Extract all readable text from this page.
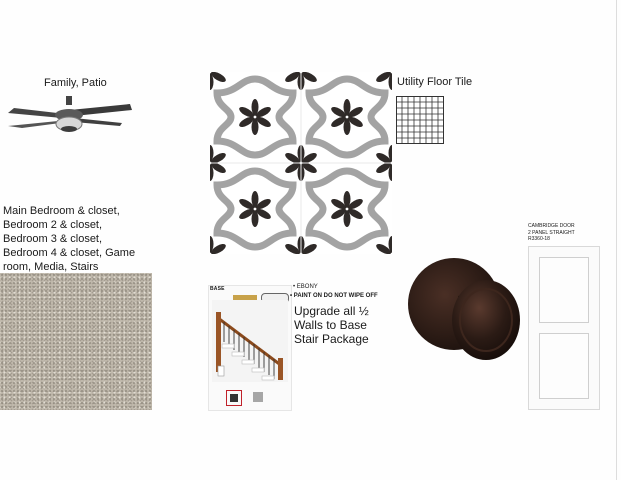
Family, Patio	Utility Floor Tile
Main Bedroom & closet,
Bedroom 2 & closet,
Bedroom 3 & closet,
Bedroom 4 & closet, Game
room, Media, Stairs
BASE	• EBONY
• PAINT ON DO NOT WIPE OFF
Upgrade all ½
Walls to Base
Stair Package
CAMBRIDGE DOOR
2 PANEL STRAIGHT
R3360-18
